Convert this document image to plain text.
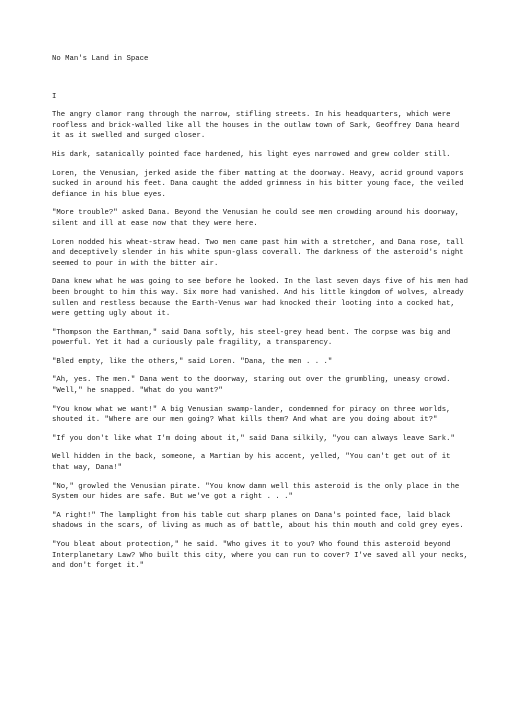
No Man's Land in Space
I
The angry clamor rang through the narrow, stifling streets. In his headquarters, which were roofless and brick-walled like all the houses in the outlaw town of Sark, Geoffrey Dana heard it as it swelled and surged closer.
His dark, satanically pointed face hardened, his light eyes narrowed and grew colder still.
Loren, the Venusian, jerked aside the fiber matting at the doorway. Heavy, acrid ground vapors sucked in around his feet. Dana caught the added grimness in his bitter young face, the veiled defiance in his blue eyes.
"More trouble?" asked Dana. Beyond the Venusian he could see men crowding around his doorway, silent and ill at ease now that they were here.
Loren nodded his wheat-straw head. Two men came past him with a stretcher, and Dana rose, tall and deceptively slender in his white spun-glass coverall. The darkness of the asteroid's night seemed to pour in with the bitter air.
Dana knew what he was going to see before he looked. In the last seven days five of his men had been brought to him this way. Six more had vanished. And his little kingdom of wolves, already sullen and restless because the Earth-Venus war had knocked their looting into a cocked hat, were getting ugly about it.
"Thompson the Earthman," said Dana softly, his steel-grey head bent. The corpse was big and powerful. Yet it had a curiously pale fragility, a transparency.
"Bled empty, like the others," said Loren. "Dana, the men . . ."
"Ah, yes. The men." Dana went to the doorway, staring out over the grumbling, uneasy crowd. "Well," he snapped. "What do you want?"
"You know what we want!" A big Venusian swamp-lander, condemned for piracy on three worlds, shouted it. "Where are our men going? What kills them? And what are you doing about it?"
"If you don't like what I'm doing about it," said Dana silkily, "you can always leave Sark."
Well hidden in the back, someone, a Martian by his accent, yelled, "You can't get out of it that way, Dana!"
"No," growled the Venusian pirate. "You know damn well this asteroid is the only place in the System our hides are safe. But we've got a right . . ."
"A right!" The lamplight from his table cut sharp planes on Dana's pointed face, laid black shadows in the scars, of living as much as of battle, about his thin mouth and cold grey eyes.
"You bleat about protection," he said. "Who gives it to you? Who found this asteroid beyond Interplanetary Law? Who built this city, where you can run to cover? I've saved all your necks, and don't forget it."
